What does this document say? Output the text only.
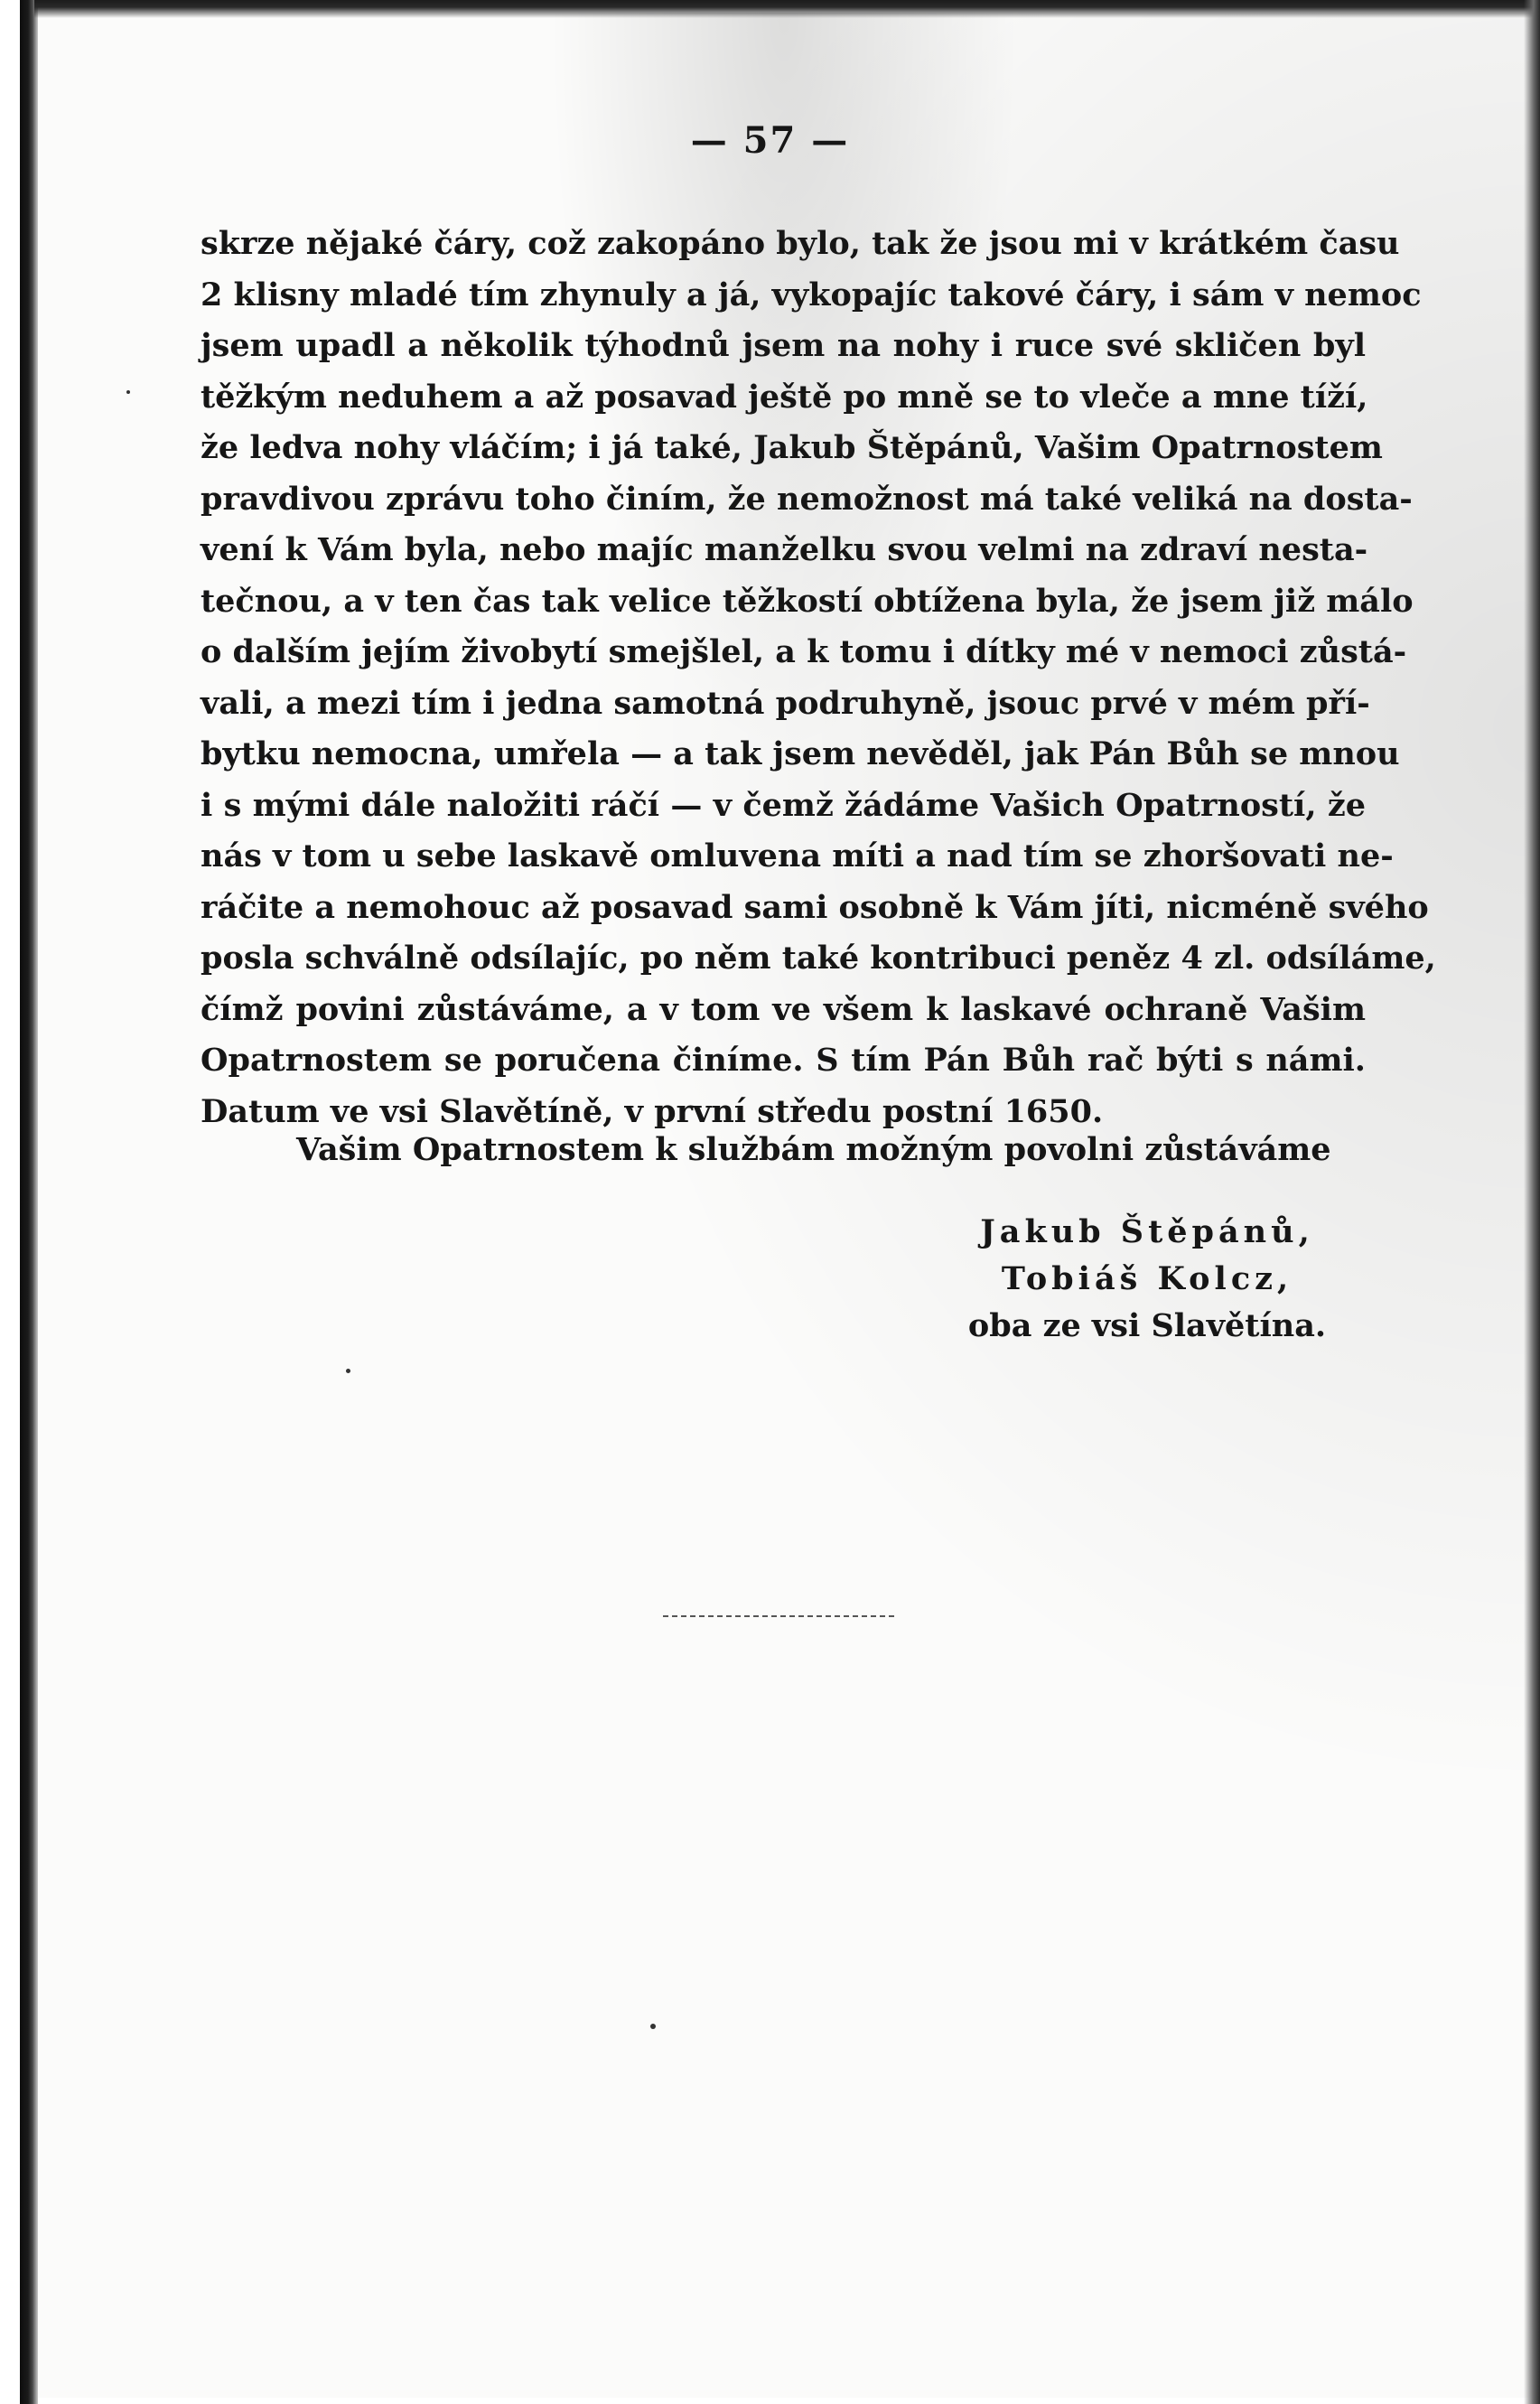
— 57 —
skrze nějaké čáry, což zakopáno bylo, tak že jsou mi v krátkém času
2 klisny mladé tím zhynuly a já, vykopajíc takové čáry, i sám v nemoc
jsem upadl a několik týhodnů jsem na nohy i ruce své skličen byl
těžkým neduhem a až posavad ještě po mně se to vleče a mne tíží,
že ledva nohy vláčím; i já také, Jakub Štěpánů, Vašim Opatrnostem
pravdivou zprávu toho činím, že nemožnost má také veliká na dosta-
vení k Vám byla, nebo majíc manželku svou velmi na zdraví nesta-
tečnou, a v ten čas tak velice těžkostí obtížena byla, že jsem již málo
o dalším jejím živobytí smejšlel, a k tomu i dítky mé v nemoci zůstá-
vali, a mezi tím i jedna samotná podruhyně, jsouc prvé v mém pří-
bytku nemocna, umřela — a tak jsem nevěděl, jak Pán Bůh se mnou
i s mými dále naložiti ráčí — v čemž žádáme Vašich Opatrností, že
nás v tom u sebe laskavě omluvena míti a nad tím se zhoršovati ne-
ráčite a nemohouc až posavad sami osobně k Vám jíti, nicméně svého
posla schválně odsílajíc, po něm také kontribuci peněz 4 zl. odsíláme,
čímž povini zůstáváme, a v tom ve všem k laskavé ochraně Vašim
Opatrnostem se poručena činíme. S tím Pán Bůh rač býti s námi.
Datum ve vsi Slavětíně, v první středu postní 1650.
Vašim Opatrnostem k službám možným povolni zůstáváme
Jakub Štěpánů,
Tobiáš Kolcz,
oba ze vsi Slavětína.
